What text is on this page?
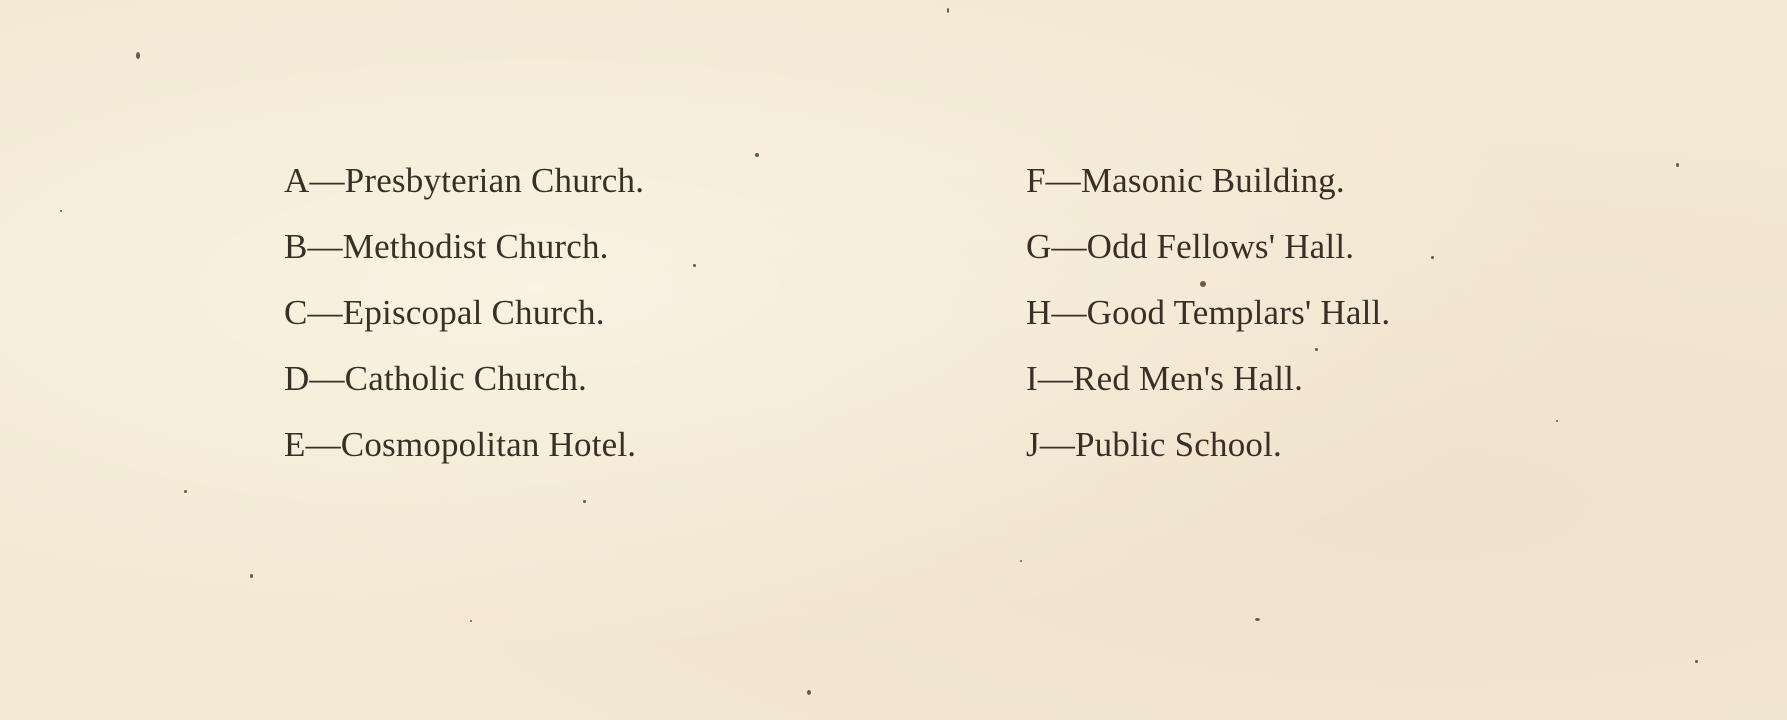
A—Presbyterian Church.
B—Methodist Church.
C—Episcopal Church.
D—Catholic Church.
E—Cosmopolitan Hotel.
F—Masonic Building.
G—Odd Fellows' Hall.
H—Good Templars' Hall.
I—Red Men's Hall.
J—Public School.
